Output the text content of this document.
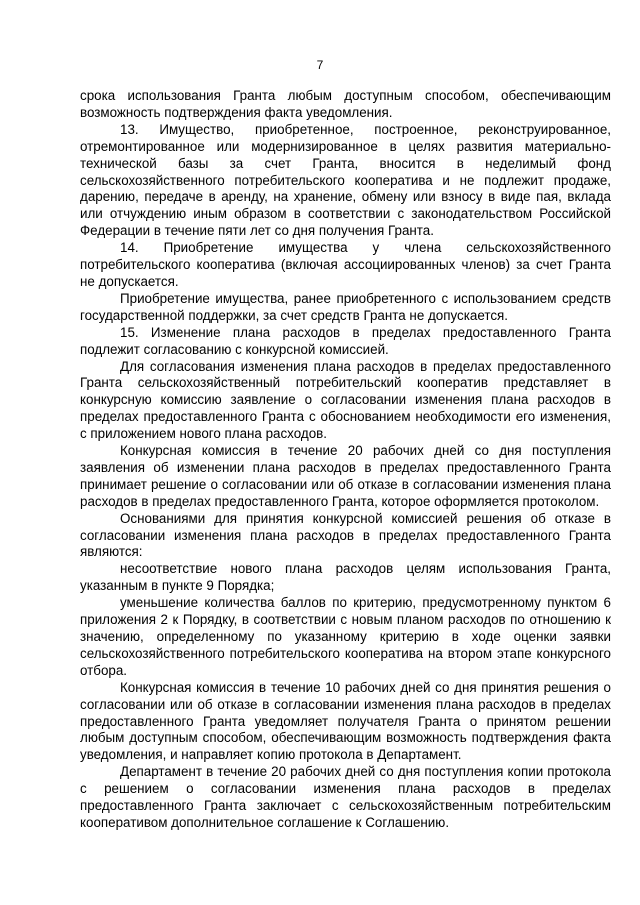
7

срока использования Гранта любым доступным способом, обеспечивающим возможность подтверждения факта уведомления.

13. Имущество, приобретенное, построенное, реконструированное, отремонтированное или модернизированное в целях развития материально-технической базы за счет Гранта, вносится в неделимый фонд сельскохозяйственного потребительского кооператива и не подлежит продаже, дарению, передаче в аренду, на хранение, обмену или взносу в виде пая, вклада или отчуждению иным образом в соответствии с законодательством Российской Федерации в течение пяти лет со дня получения Гранта.

14. Приобретение имущества у члена сельскохозяйственного потребительского кооператива (включая ассоциированных членов) за счет Гранта не допускается.

Приобретение имущества, ранее приобретенного с использованием средств государственной поддержки, за счет средств Гранта не допускается.

15. Изменение плана расходов в пределах предоставленного Гранта подлежит согласованию с конкурсной комиссией.

Для согласования изменения плана расходов в пределах предоставленного Гранта сельскохозяйственный потребительский кооператив представляет в конкурсную комиссию заявление о согласовании изменения плана расходов в пределах предоставленного Гранта с обоснованием необходимости его изменения, с приложением нового плана расходов.

Конкурсная комиссия в течение 20 рабочих дней со дня поступления заявления об изменении плана расходов в пределах предоставленного Гранта принимает решение о согласовании или об отказе в согласовании изменения плана расходов в пределах предоставленного Гранта, которое оформляется протоколом.

Основаниями для принятия конкурсной комиссией решения об отказе в согласовании изменения плана расходов в пределах предоставленного Гранта являются:

несоответствие нового плана расходов целям использования Гранта, указанным в пункте 9 Порядка;

уменьшение количества баллов по критерию, предусмотренному пунктом 6 приложения 2 к Порядку, в соответствии с новым планом расходов по отношению к значению, определенному по указанному критерию в ходе оценки заявки сельскохозяйственного потребительского кооператива на втором этапе конкурсного отбора.

Конкурсная комиссия в течение 10 рабочих дней со дня принятия решения о согласовании или об отказе в согласовании изменения плана расходов в пределах предоставленного Гранта уведомляет получателя Гранта о принятом решении любым доступным способом, обеспечивающим возможность подтверждения факта уведомления, и направляет копию протокола в Департамент.

Департамент в течение 20 рабочих дней со дня поступления копии протокола с решением о согласовании изменения плана расходов в пределах предоставленного Гранта заключает с сельскохозяйственным потребительским кооперативом дополнительное соглашение к Соглашению.
